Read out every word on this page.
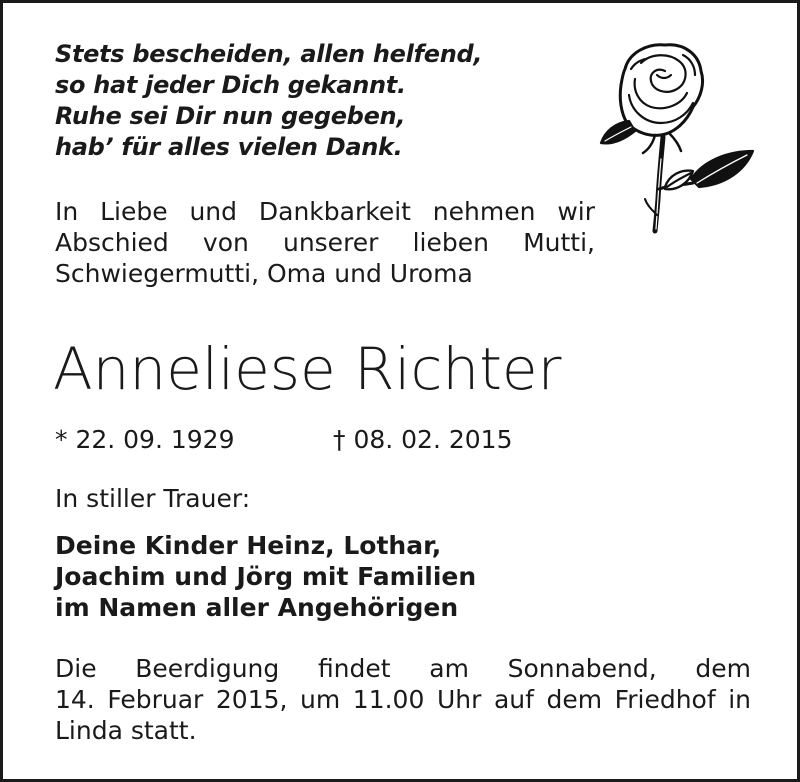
Stets bescheiden, allen helfend,
so hat jeder Dich gekannt.
Ruhe sei Dir nun gegeben,
hab’ für alles vielen Dank.
In Liebe und Dankbarkeit nehmen wir
Abschied von unserer lieben Mutti,
Schwiegermutti, Oma und Uroma
Anneliese Richter
* 22. 09. 1929	† 08. 02. 2015
In stiller Trauer:
Deine Kinder Heinz, Lothar,
Joachim und Jörg mit Familien
im Namen aller Angehörigen
Die Beerdigung findet am Sonnabend, dem
14. Februar 2015, um 11.00 Uhr auf dem Friedhof in
Linda statt.
